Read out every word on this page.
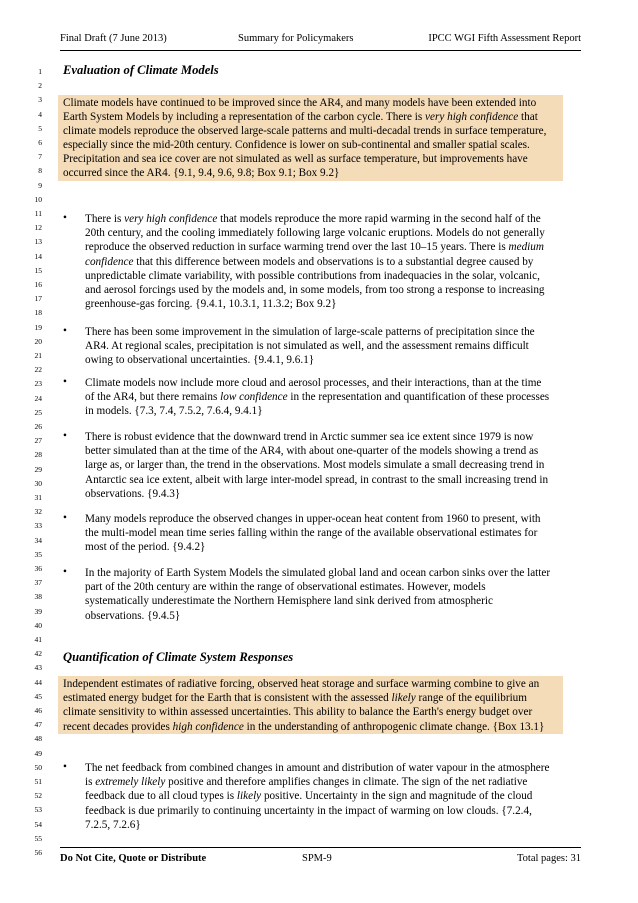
Final Draft (7 June 2013)	Summary for Policymakers	IPCC WGI Fifth Assessment Report
1
2
3
4
5
6
7
8
9
10
11
12
13
14
15
16
17
18
19
20
21
22
23
24
25
26
27
28
29
30
31
32
33
34
35
36
37
38
39
40
41
42
43
44
45
46
47
48
49
50
51
52
53
54
55
56
Evaluation of Climate Models
Climate models have continued to be improved since the AR4, and many models have been extended into
Earth System Models by including a representation of the carbon cycle. There is very high confidence that
climate models reproduce the observed large-scale patterns and multi-decadal trends in surface temperature,
especially since the mid-20th century. Confidence is lower on sub-continental and smaller spatial scales.
Precipitation and sea ice cover are not simulated as well as surface temperature, but improvements have
occurred since the AR4. {9.1, 9.4, 9.6, 9.8; Box 9.1; Box 9.2}
• There is very high confidence that models reproduce the more rapid warming in the second half of the
20th century, and the cooling immediately following large volcanic eruptions. Models do not generally
reproduce the observed reduction in surface warming trend over the last 10–15 years. There is medium
confidence that this difference between models and observations is to a substantial degree caused by
unpredictable climate variability, with possible contributions from inadequacies in the solar, volcanic,
and aerosol forcings used by the models and, in some models, from too strong a response to increasing
greenhouse-gas forcing. {9.4.1, 10.3.1, 11.3.2; Box 9.2}
• There has been some improvement in the simulation of large-scale patterns of precipitation since the
AR4. At regional scales, precipitation is not simulated as well, and the assessment remains difficult
owing to observational uncertainties. {9.4.1, 9.6.1}
• Climate models now include more cloud and aerosol processes, and their interactions, than at the time
of the AR4, but there remains low confidence in the representation and quantification of these processes
in models. {7.3, 7.4, 7.5.2, 7.6.4, 9.4.1}
• There is robust evidence that the downward trend in Arctic summer sea ice extent since 1979 is now
better simulated than at the time of the AR4, with about one-quarter of the models showing a trend as
large as, or larger than, the trend in the observations. Most models simulate a small decreasing trend in
Antarctic sea ice extent, albeit with large inter-model spread, in contrast to the small increasing trend in
observations. {9.4.3}
• Many models reproduce the observed changes in upper-ocean heat content from 1960 to present, with
the multi-model mean time series falling within the range of the available observational estimates for
most of the period. {9.4.2}
• In the majority of Earth System Models the simulated global land and ocean carbon sinks over the latter
part of the 20th century are within the range of observational estimates. However, models
systematically underestimate the Northern Hemisphere land sink derived from atmospheric
observations. {9.4.5}
Quantification of Climate System Responses
Independent estimates of radiative forcing, observed heat storage and surface warming combine to give an
estimated energy budget for the Earth that is consistent with the assessed likely range of the equilibrium
climate sensitivity to within assessed uncertainties. This ability to balance the Earth's energy budget over
recent decades provides high confidence in the understanding of anthropogenic climate change. {Box 13.1}
• The net feedback from combined changes in amount and distribution of water vapour in the atmosphere
is extremely likely positive and therefore amplifies changes in climate. The sign of the net radiative
feedback due to all cloud types is likely positive. Uncertainty in the sign and magnitude of the cloud
feedback is due primarily to continuing uncertainty in the impact of warming on low clouds. {7.2.4,
7.2.5, 7.2.6}
Do Not Cite, Quote or Distribute	SPM-9	Total pages: 31
